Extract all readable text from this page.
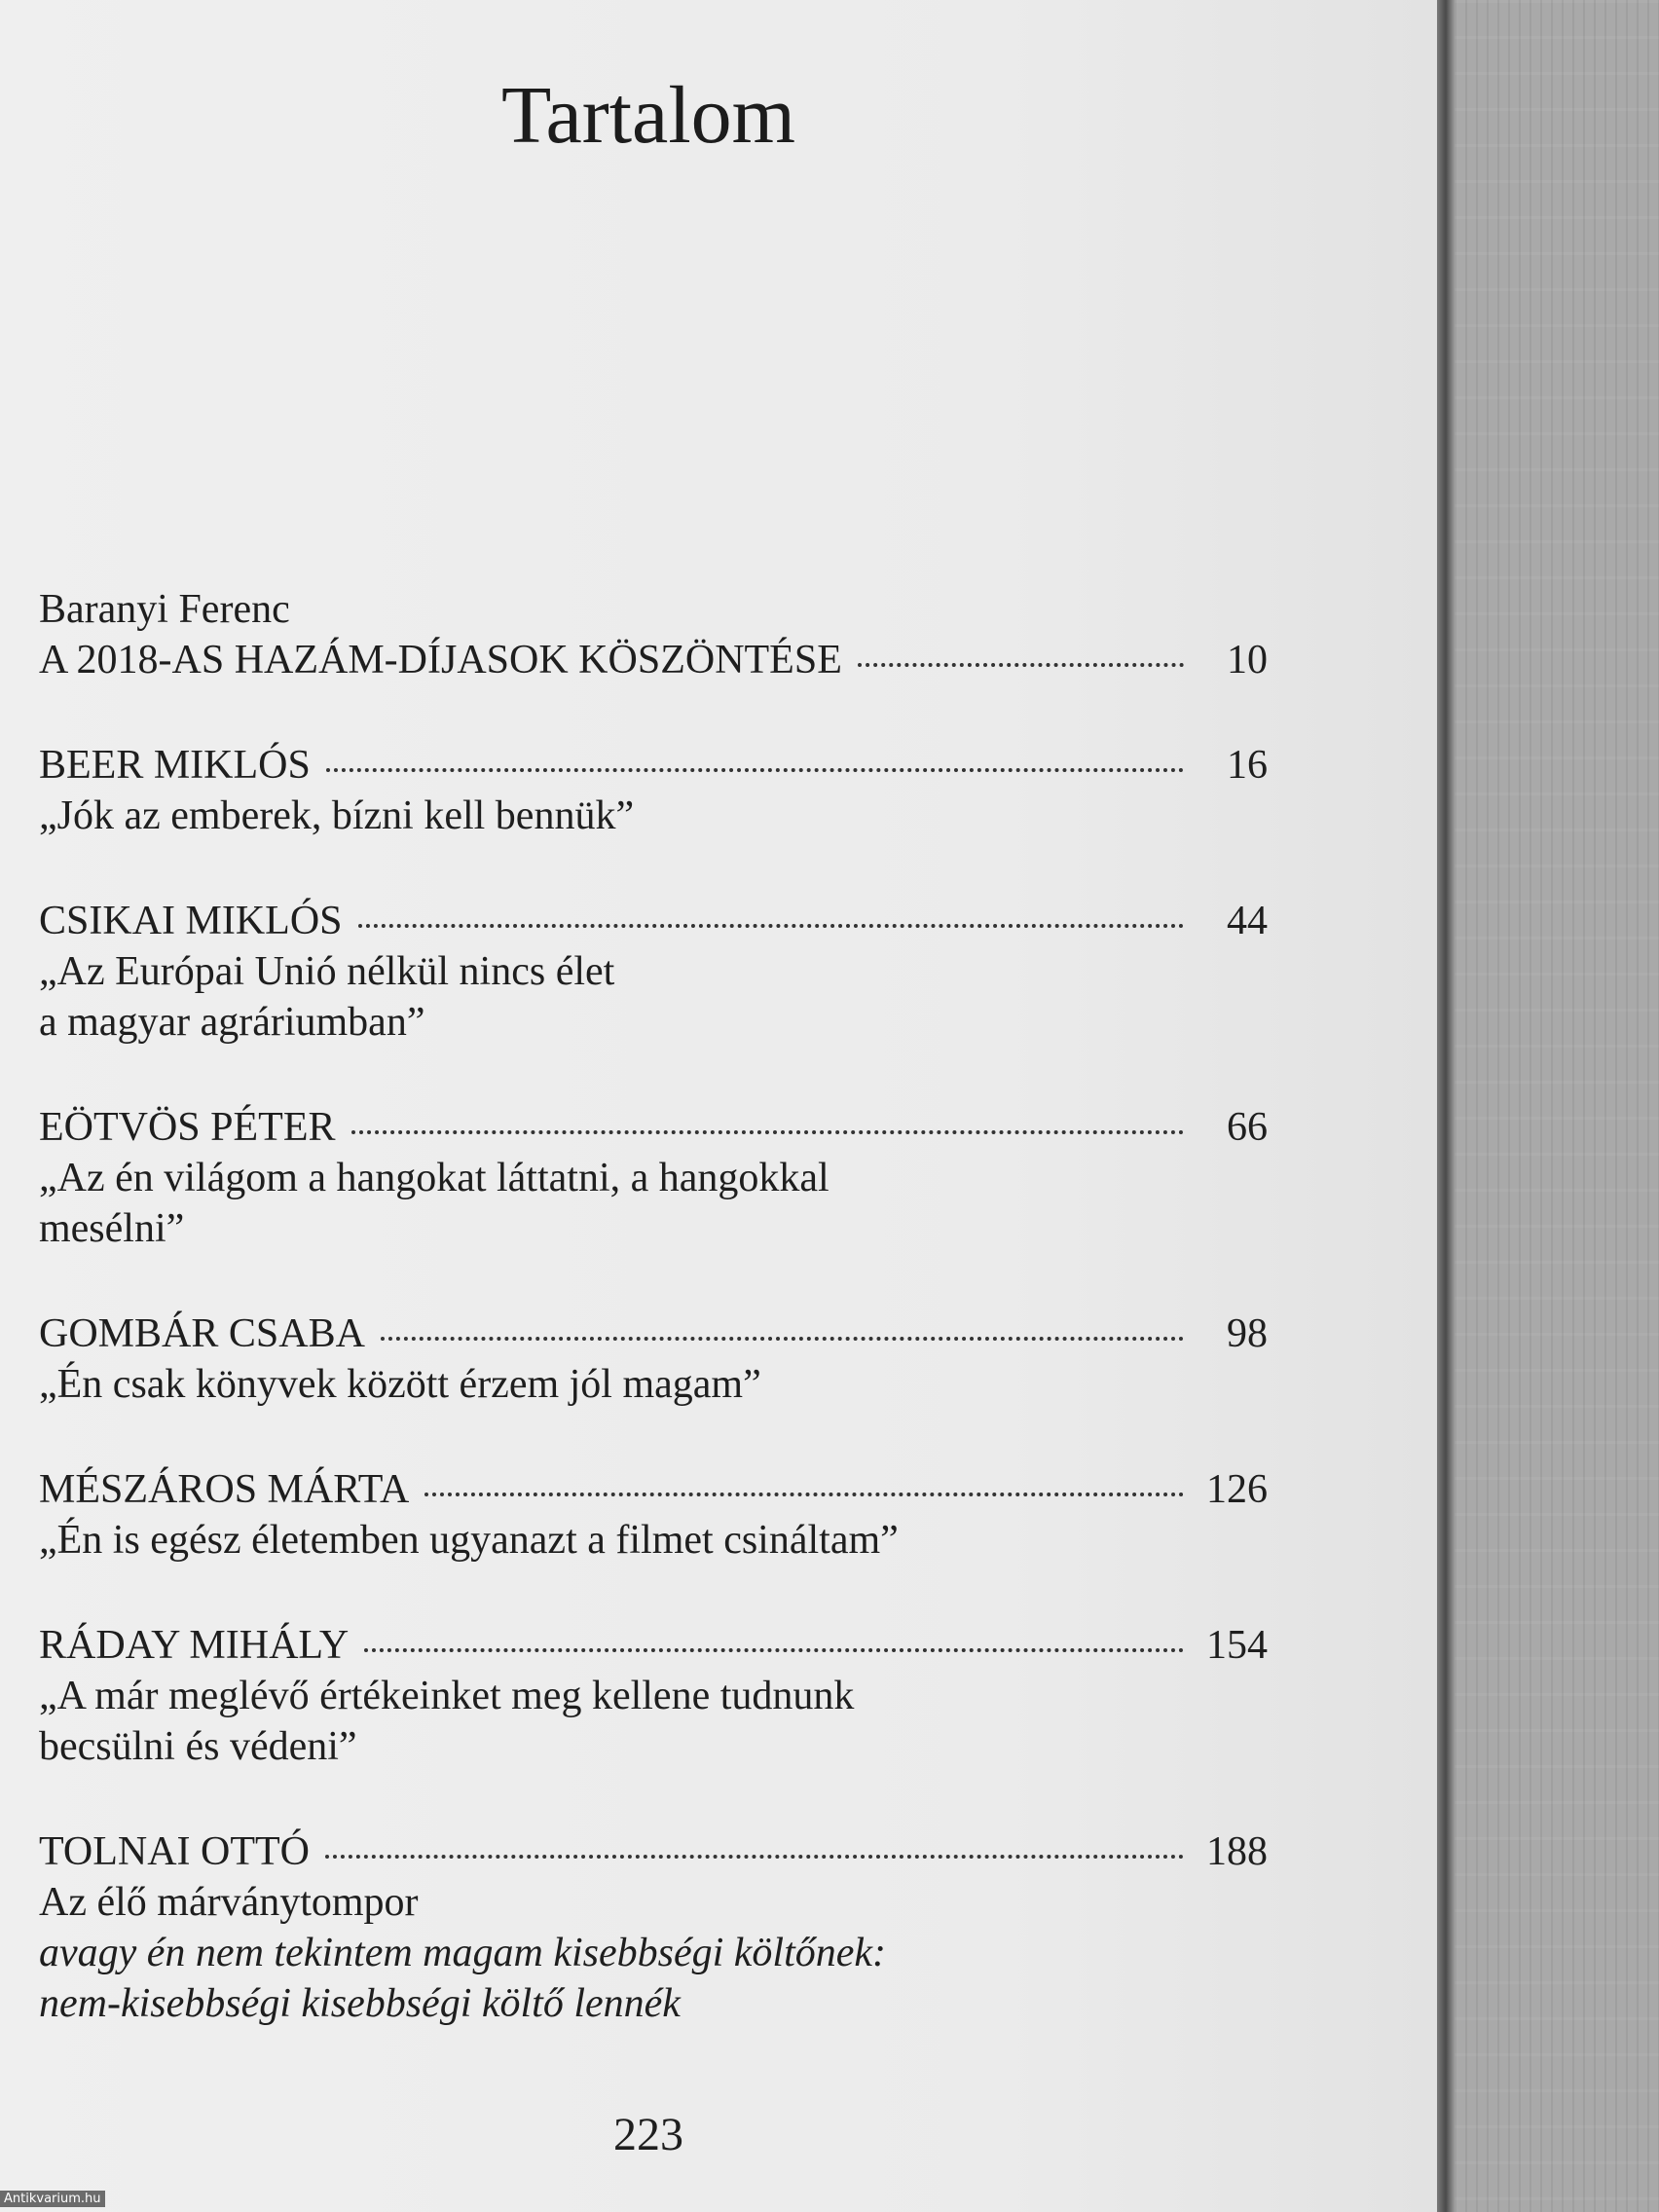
Tartalom

Baranyi Ferenc

A 2018-AS HAZÁM-DÍJASOK KÖSZÖNTÉSE	10
BEER MIKLÓS	16

„Jók az emberek, bízni kell bennük”

CSIKAI MIKLÓS	44

„Az Európai Unió nélkül nincs élet

a magyar agráriumban”

EÖTVÖS PÉTER	66

„Az én világom a hangokat láttatni, a hangokkal

mesélni”

GOMBÁR CSABA	98

„Én csak könyvek között érzem jól magam”

MÉSZÁROS MÁRTA	126

„Én is egész életemben ugyanazt a filmet csináltam”

RÁDAY MIHÁLY	154

„A már meglévő értékeinket meg kellene tudnunk

becsülni és védeni”

TOLNAI OTTÓ	188

Az élő márványtompor

avagy én nem tekintem magam kisebbségi költőnek:

nem-kisebbségi kisebbségi költő lennék

223
Antikvarium.hu
